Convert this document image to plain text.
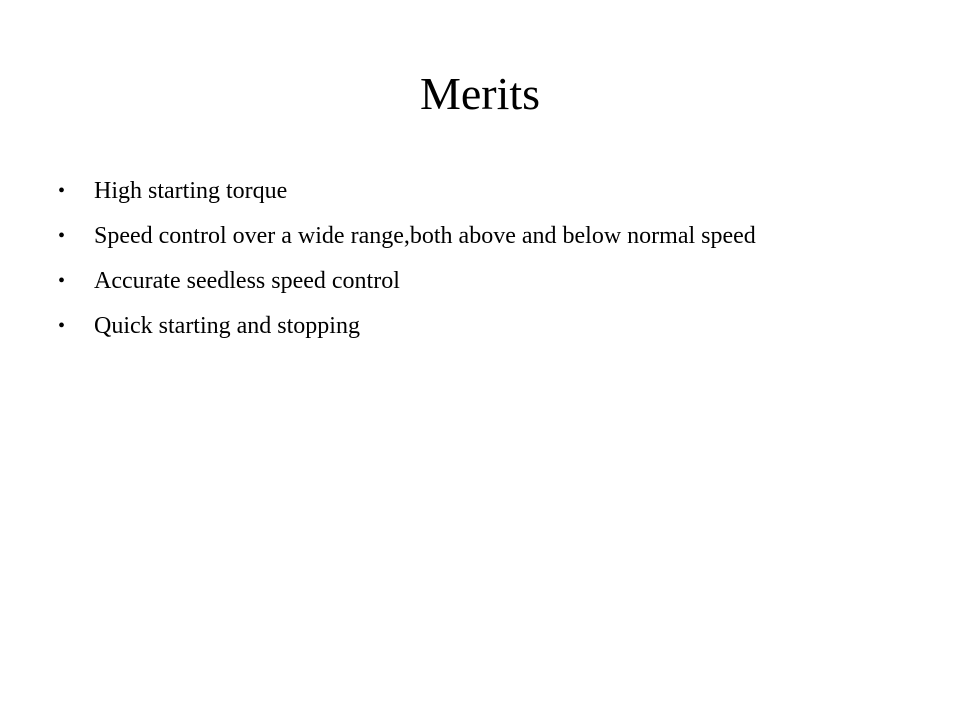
Merits
• High starting torque
• Speed control over a wide range,both above and below normal speed
• Accurate seedless speed control
• Quick starting and stopping
